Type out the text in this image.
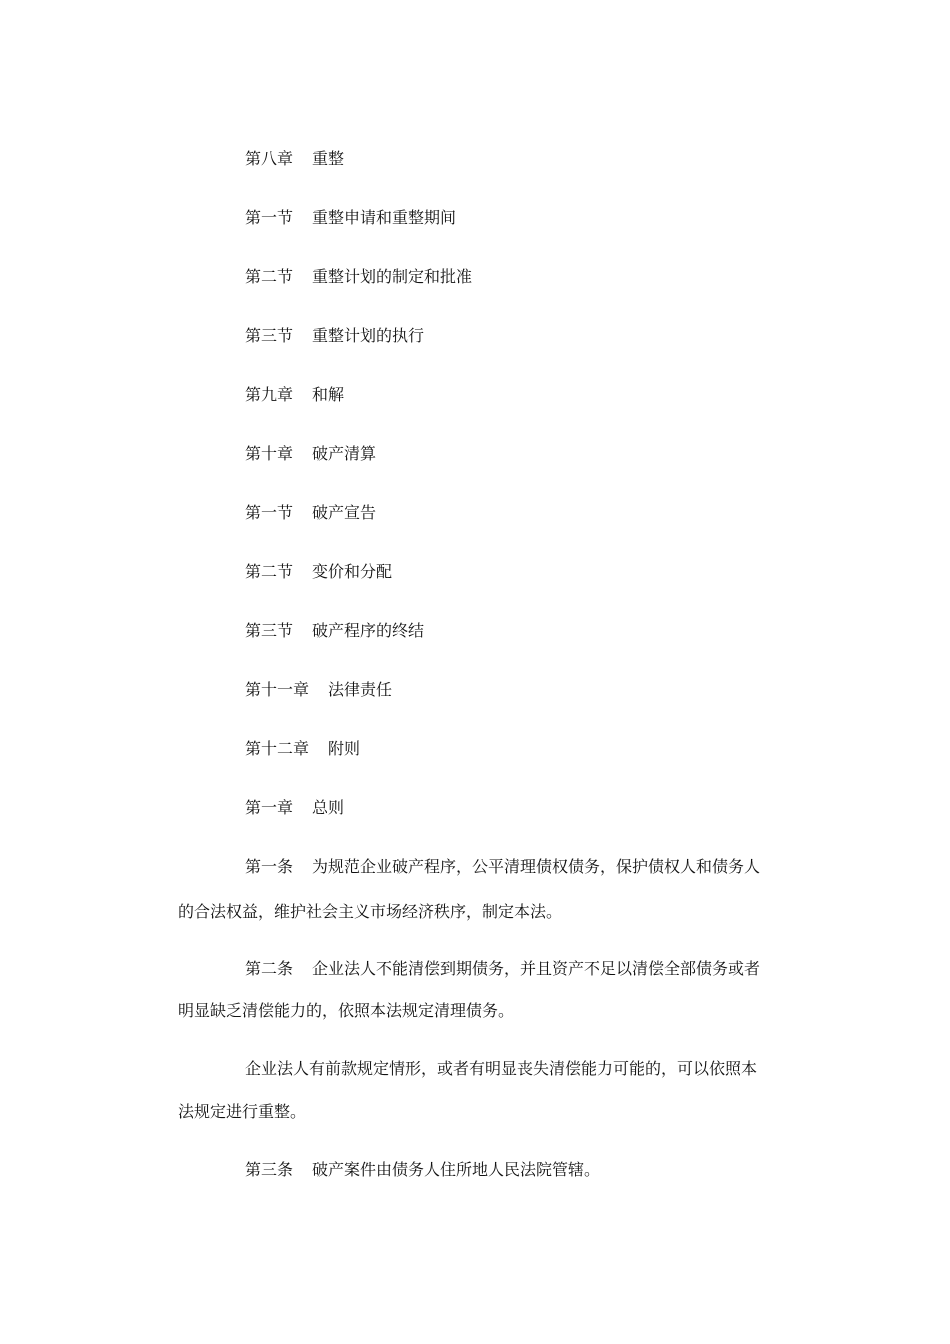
第八章 重整
第一节 重整申请和重整期间
第二节 重整计划的制定和批准
第三节 重整计划的执行
第九章 和解
第十章 破产清算
第一节 破产宣告
第二节 变价和分配
第三节 破产程序的终结
第十一章 法律责任
第十二章 附则
第一章 总则
第一条 为规范企业破产程序，公平清理债权债务，保护债权人和债务人
的合法权益，维护社会主义市场经济秩序，制定本法。
第二条 企业法人不能清偿到期债务，并且资产不足以清偿全部债务或者
明显缺乏清偿能力的，依照本法规定清理债务。
企业法人有前款规定情形，或者有明显丧失清偿能力可能的，可以依照本
法规定进行重整。
第三条 破产案件由债务人住所地人民法院管辖。
